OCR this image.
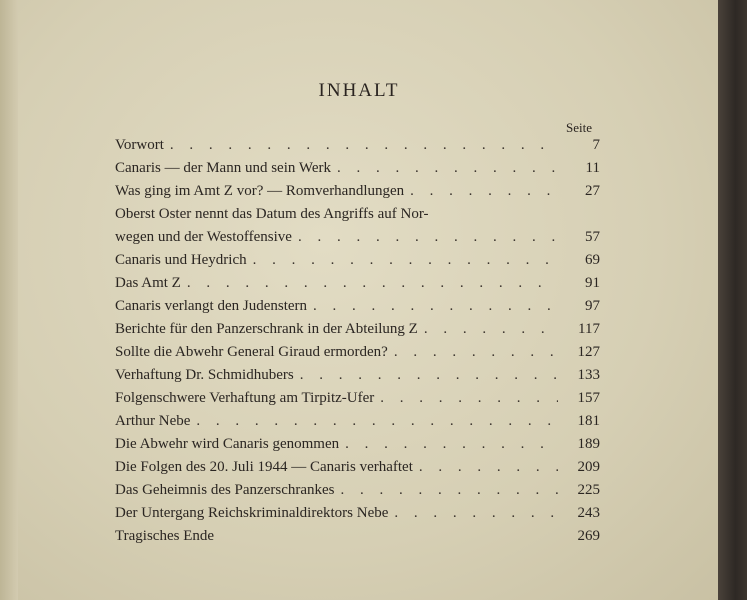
INHALT
Seite
Vorwort . . .	7
Canaris — der Mann und sein Werk . . .	11
Was ging im Amt Z vor? — Romverhandlungen . . .	27
Oberst Oster nennt das Datum des Angriffs auf Nor-
wegen und der Westoffensive . . .	57
Canaris und Heydrich . . .	69
Das Amt Z . . .	91
Canaris verlangt den Judenstern . . .	97
Berichte für den Panzerschrank in der Abteilung Z . . .	117
Sollte die Abwehr General Giraud ermorden? . . .	127
Verhaftung Dr. Schmidhubers . . .	133
Folgenschwere Verhaftung am Tirpitz-Ufer . . .	157
Arthur Nebe . . .	181
Die Abwehr wird Canaris genommen . . .	189
Die Folgen des 20. Juli 1944 — Canaris verhaftet . . .	209
Das Geheimnis des Panzerschrankes . . .	225
Der Untergang Reichskriminaldirektors Nebe . . .	243
Tragisches Ende	269
